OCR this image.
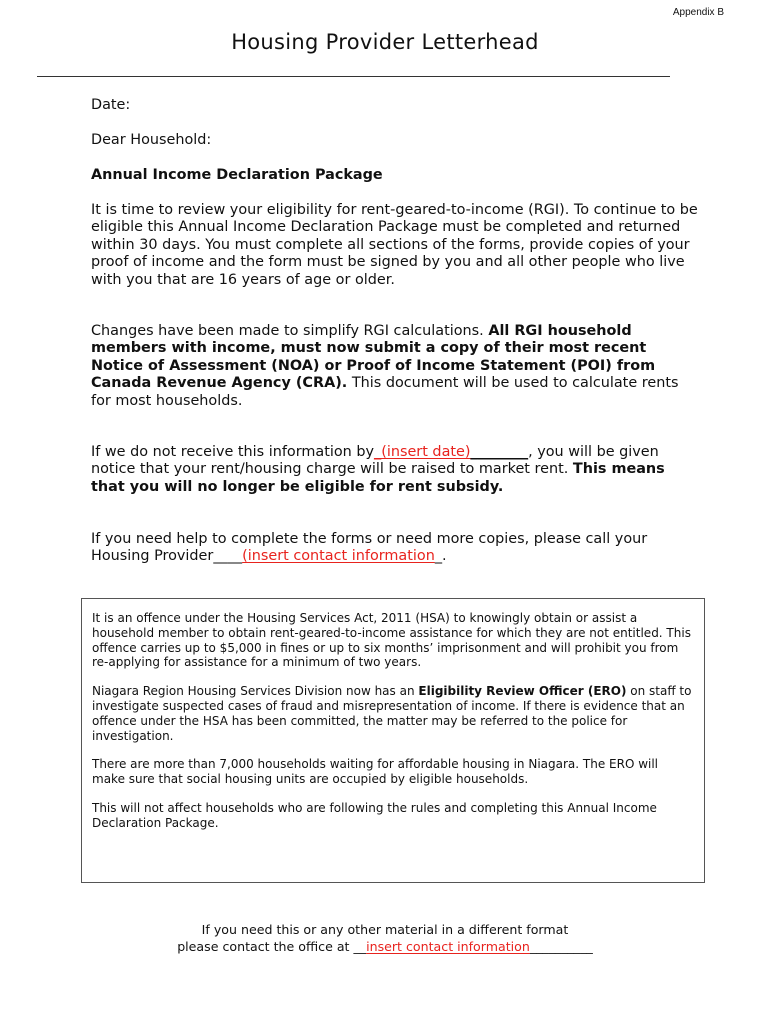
Appendix B
Housing Provider Letterhead
Date:
Dear Household:
Annual Income Declaration Package

It is time to review your eligibility for rent-geared-to-income (RGI). To continue to be eligible this Annual Income Declaration Package must be completed and returned within 30 days. You must complete all sections of the forms, provide copies of your proof of income and the form must be signed by you and all other people who live with you that are 16 years of age or older.

Changes have been made to simplify RGI calculations. All RGI household members with income, must now submit a copy of their most recent Notice of Assessment (NOA) or Proof of Income Statement (POI) from Canada Revenue Agency (CRA). This document will be used to calculate rents for most households.

If we do not receive this information by_(insert date)________, you will be given notice that your rent/housing charge will be raised to market rent. This means that you will no longer be eligible for rent subsidy.

If you need help to complete the forms or need more copies, please call your Housing Provider____(insert contact information_.

It is an offence under the Housing Services Act, 2011 (HSA) to knowingly obtain or assist a household member to obtain rent-geared-to-income assistance for which they are not entitled. This offence carries up to $5,000 in fines or up to six months’ imprisonment and will prohibit you from re-applying for assistance for a minimum of two years.

Niagara Region Housing Services Division now has an Eligibility Review Officer (ERO) on staff to investigate suspected cases of fraud and misrepresentation of income. If there is evidence that an offence under the HSA has been committed, the matter may be referred to the police for investigation.

There are more than 7,000 households waiting for affordable housing in Niagara. The ERO will make sure that social housing units are occupied by eligible households.

This will not affect households who are following the rules and completing this Annual Income Declaration Package.

If you need this or any other material in a different format
please contact the office at __insert contact information__________
